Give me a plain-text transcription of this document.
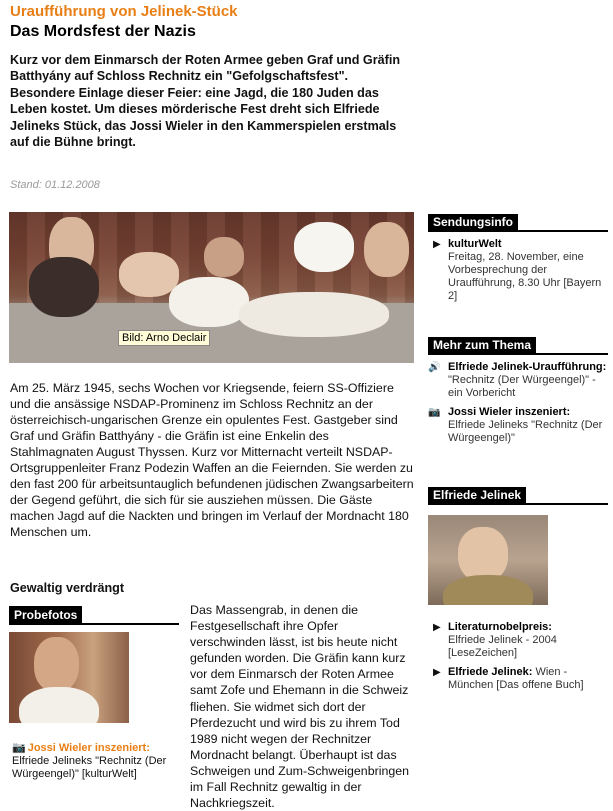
Uraufführung von Jelinek-Stück
Das Mordsfest der Nazis
Kurz vor dem Einmarsch der Roten Armee geben Graf und Gräfin Batthyány auf Schloss Rechnitz ein "Gefolgschaftsfest". Besondere Einlage dieser Feier: eine Jagd, die 180 Juden das Leben kostet. Um dieses mörderische Fest dreht sich Elfriede Jelineks Stück, das Jossi Wieler in den Kammerspielen erstmals auf die Bühne bringt.
Stand: 01.12.2008
Bild: Arno Declair
Am 25. März 1945, sechs Wochen vor Kriegsende, feiern SS-Offiziere und die ansässige NSDAP-Prominenz im Schloss Rechnitz an der österreichisch-ungarischen Grenze ein opulentes Fest. Gastgeber sind Graf und Gräfin Batthyány - die Gräfin ist eine Enkelin des Stahlmagnaten August Thyssen. Kurz vor Mitternacht verteilt NSDAP-Ortsgruppenleiter Franz Podezin Waffen an die Feiernden. Sie werden zu den fast 200 für arbeitsuntauglich befundenen jüdischen Zwangsarbeitern der Gegend geführt, die sich für sie ausziehen müssen. Die Gäste machen Jagd auf die Nackten und bringen im Verlauf der Mordnacht 180 Menschen um.
Gewaltig verdrängt
Probefotos
📷 Jossi Wieler inszeniert:
Elfriede Jelineks "Rechnitz (Der Würgeengel)" [kulturWelt]
Das Massengrab, in denen die Festgesellschaft ihre Opfer verschwinden lässt, ist bis heute nicht gefunden worden. Die Gräfin kann kurz vor dem Einmarsch der Roten Armee samt Zofe und Ehemann in die Schweiz fliehen. Sie widmet sich dort der Pferdezucht und wird bis zu ihrem Tod 1989 nicht wegen der Rechnitzer Mordnacht belangt. Überhaupt ist das Schweigen und Zum-Schweigenbringen im Fall Rechnitz gewaltig in der Nachkriegszeit.
Sendungsinfo
▶ kulturWelt
Freitag, 28. November, eine Vorbesprechung der Uraufführung, 8.30 Uhr [Bayern 2]
Mehr zum Thema
🔊 Elfriede Jelinek-Uraufführung: "Rechnitz (Der Würgeengel)" - ein Vorbericht
📷 Jossi Wieler inszeniert:
Elfriede Jelineks "Rechnitz (Der Würgeengel)"
Elfriede Jelinek
▶ Literaturnobelpreis:
Elfriede Jelinek - 2004 [LeseZeichen]
▶ Elfriede Jelinek: Wien - München [Das offene Buch]
